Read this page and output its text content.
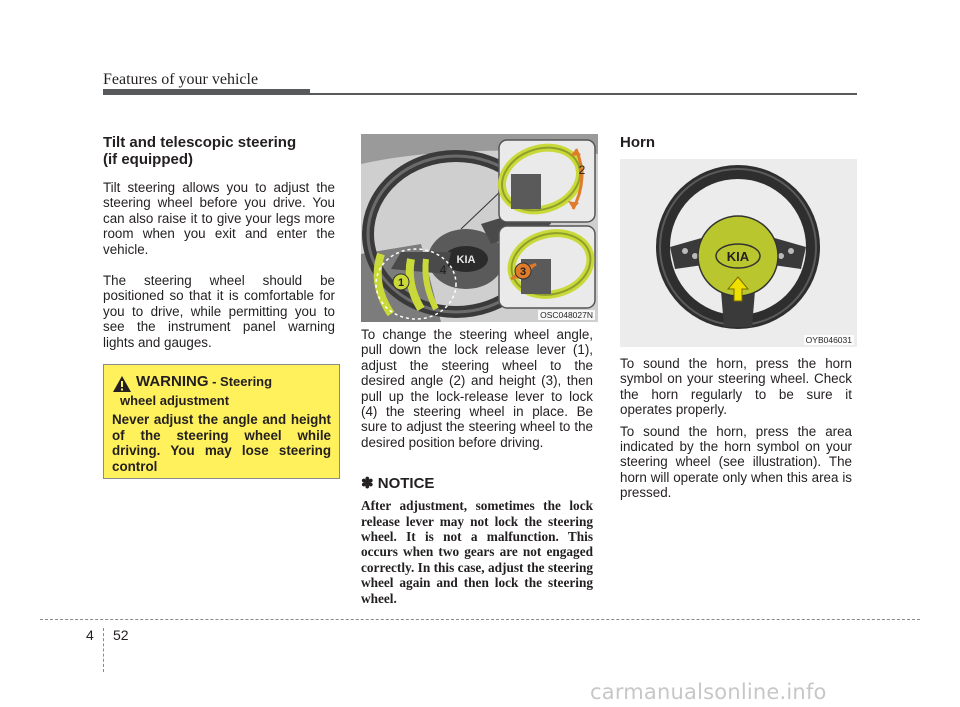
Features of your vehicle
Tilt and telescopic steering
(if equipped)

Tilt steering allows you to adjust the steering wheel before you drive. You can also raise it to give your legs more room when you exit and enter the vehicle.

The steering wheel should be positioned so that it is comfortable for you to drive, while permitting you to see the instrument panel warning lights and gauges.

WARNING - Steering
wheel adjustment
Never adjust the angle and height of the steering wheel while driving. You may lose steering control
KIA
1
2
3
4
OSC048027N

To change the steering wheel angle, pull down the lock release lever (1), adjust the steering wheel to the desired angle (2) and height (3), then pull up the lock-release lever to lock (4) the steering wheel in place. Be sure to adjust the steering wheel to the desired position before driving.

✽ NOTICE

After adjustment, sometimes the lock release lever may not lock the steering wheel. It is not a malfunction. This occurs when two gears are not engaged correctly. In this case, adjust the steering wheel again and then lock the steering wheel.

Horn
KIA
OYB046031

To sound the horn, press the horn symbol on your steering wheel. Check the horn regularly to be sure it operates properly.

To sound the horn, press the area indicated by the horn symbol on your steering wheel (see illustration). The horn will operate only when this area is pressed.

4 52
carmanualsonline.info
